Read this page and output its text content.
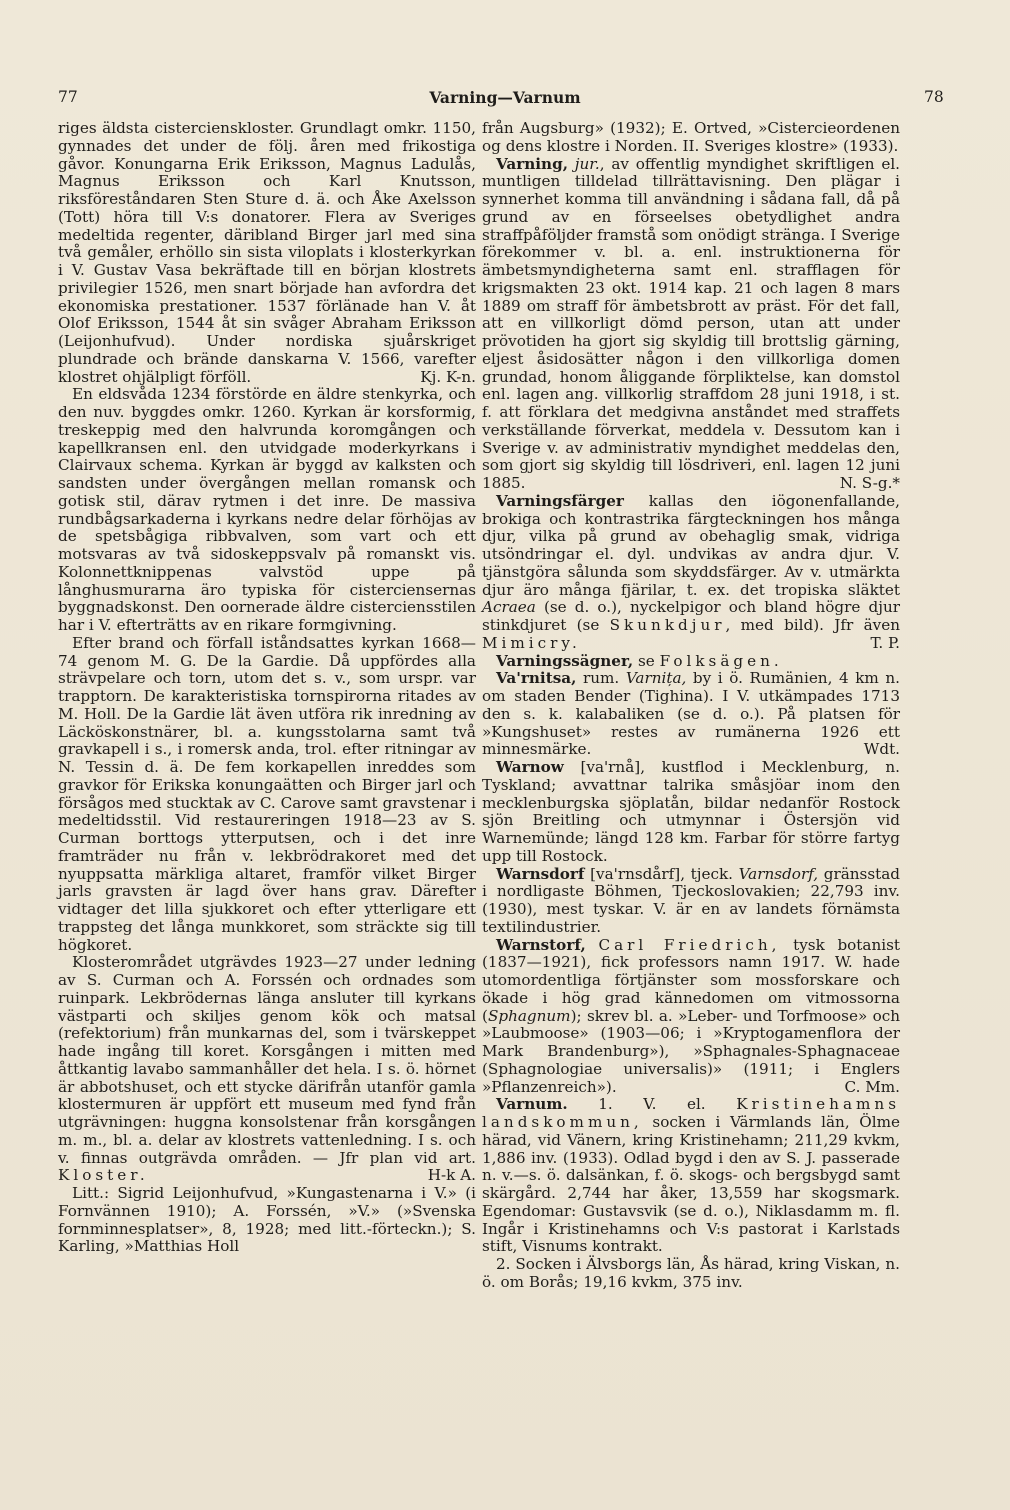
77	Varning—Varnum	78

riges äldsta cistercienskloster. Grundlagt omkr. 1150, gynnades det under de följ. åren med frikostiga gåvor. Konungarna Erik Eriksson, Magnus Ladulås, Magnus Eriksson och Karl Knutsson, riksföreståndaren Sten Sture d. ä. och Åke Axelsson (Tott) höra till V:s donatorer. Flera av Sveriges medeltida regenter, däribland Birger jarl med sina två gemåler, erhöllo sin sista viloplats i klosterkyrkan i V. Gustav Vasa bekräftade till en början klostrets privilegier 1526, men snart började han avfordra det ekonomiska prestationer. 1537 förlänade han V. åt Olof Eriksson, 1544 åt sin svåger Abraham Eriksson (Leijonhufvud). Under nordiska sjuårskriget plundrade och brände danskarna V. 1566, varefter klostret ohjälpligt förföll.	Kj. K-n.

En eldsvåda 1234 förstörde en äldre stenkyrka, och den nuv. byggdes omkr. 1260. Kyrkan är korsformig, treskeppig med den halvrunda koromgången och kapellkransen enl. den utvidgade moderkyrkans i Clairvaux schema. Kyrkan är byggd av kalksten och sandsten under övergången mellan romansk och gotisk stil, därav rytmen i det inre. De massiva rundbågsarkaderna i kyrkans nedre delar förhöjas av de spetsbågiga ribbvalven, som vart och ett motsvaras av två sidoskeppsvalv på romanskt vis. Kolonnettknippenas valvstöd uppe på långhusmurarna äro typiska för cisterciensernas byggnadskonst. Den oornerade äldre cisterciensstilen har i V. efterträtts av en rikare formgivning.

Efter brand och förfall iståndsattes kyrkan 1668—74 genom M. G. De la Gardie. Då uppfördes alla strävpelare och torn, utom det s. v., som urspr. var trapptorn. De karakteristiska tornspirorna ritades av M. Holl. De la Gardie lät även utföra rik inredning av Läcköskonstnärer, bl. a. kungsstolarna samt två gravkapell i s., i romersk anda, trol. efter ritningar av N. Tessin d. ä. De fem korkapellen inreddes som gravkor för Erikska konungaätten och Birger jarl och försågos med stucktak av C. Carove samt gravstenar i medeltidsstil. Vid restaureringen 1918—23 av S. Curman borttogs ytterputsen, och i det inre framträder nu från v. lekbrödrakoret med det nyuppsatta märkliga altaret, framför vilket Birger jarls gravsten är lagd över hans grav. Därefter vidtager det lilla sjukkoret och efter ytterligare ett trappsteg det långa munkkoret, som sträckte sig till högkoret.

Klosterområdet utgrävdes 1923—27 under ledning av S. Curman och A. Forssén och ordnades som ruinpark. Lekbrödernas länga ansluter till kyrkans västparti och skiljes genom kök och matsal (refektorium) från munkarnas del, som i tvärskeppet hade ingång till koret. Korsgången i mitten med åttkantig lavabo sammanhåller det hela. I s. ö. hörnet är abbotshuset, och ett stycke därifrån utanför gamla klostermuren är uppfört ett museum med fynd från utgrävningen: huggna konsolstenar från korsgången m. m., bl. a. delar av klostrets vattenledning. I s. och v. finnas outgrävda områden. — Jfr plan vid art. Kloster.	H-k A.

Litt.: Sigrid Leijonhufvud, »Kungastenarna i V.» (i Fornvännen 1910); A. Forssén, »V.» (»Svenska fornminnesplatser», 8, 1928; med litt.-förteckn.); S. Karling, »Matthias Holl

från Augsburg» (1932); E. Ortved, »Cistercieordenen og dens klostre i Norden. II. Sveriges klostre» (1933).

Varning, jur., av offentlig myndighet skriftligen el. muntligen tilldelad tillrättavisning. Den plägar i synnerhet komma till användning i sådana fall, då på grund av en förseelses obetydlighet andra straffpåföljder framstå som onödigt stränga. I Sverige förekommer v. bl. a. enl. instruktionerna för ämbetsmyndigheterna samt enl. strafflagen för krigsmakten 23 okt. 1914 kap. 21 och lagen 8 mars 1889 om straff för ämbetsbrott av präst. För det fall, att en villkorligt dömd person, utan att under prövotiden ha gjort sig skyldig till brottslig gärning, eljest åsidosätter någon i den villkorliga domen grundad, honom åliggande förpliktelse, kan domstol enl. lagen ang. villkorlig straffdom 28 juni 1918, i st. f. att förklara det medgivna anståndet med straffets verkställande förverkat, meddela v. Dessutom kan i Sverige v. av administrativ myndighet meddelas den, som gjort sig skyldig till lösdriveri, enl. lagen 12 juni 1885.	N. S-g.*

Varningsfärger kallas den iögonenfallande, brokiga och kontrastrika färgteckningen hos många djur, vilka på grund av obehaglig smak, vidriga utsöndringar el. dyl. undvikas av andra djur. V. tjänstgöra sålunda som skyddsfärger. Av v. utmärkta djur äro många fjärilar, t. ex. det tropiska släktet Acraea (se d. o.), nyckelpigor och bland högre djur stinkdjuret (se Skunkdjur, med bild). Jfr även Mimicry.	T. P.

Varningssägner, se Folksägen.

Va'rnitsa, rum. Varnița, by i ö. Rumänien, 4 km n. om staden Bender (Tighina). I V. utkämpades 1713 den s. k. kalabaliken (se d. o.). På platsen för »Kungshuset» restes av rumänerna 1926 ett minnesmärke.	Wdt.

Warnow [va'rnå], kustflod i Mecklenburg, n. Tyskland; avvattnar talrika småsjöar inom den mecklenburgska sjöplatån, bildar nedanför Rostock sjön Breitling och utmynnar i Östersjön vid Warnemünde; längd 128 km. Farbar för större fartyg upp till Rostock.

Warnsdorf [va'rnsdårf], tjeck. Varnsdorf, gränsstad i nordligaste Böhmen, Tjeckoslovakien; 22,793 inv. (1930), mest tyskar. V. är en av landets förnämsta textilindustrier.

Warnstorf, Carl Friedrich, tysk botanist (1837—1921), fick professors namn 1917. W. hade utomordentliga förtjänster som mossforskare och ökade i hög grad kännedomen om vitmossorna (Sphagnum); skrev bl. a. »Leber- und Torfmoose» och »Laubmoose» (1903—06; i »Kryptogamenflora der Mark Brandenburg»), »Sphagnales-Sphagnaceae (Sphagnologiae universalis)» (1911; i Englers »Pflanzenreich»).	C. Mm.

Varnum. 1. V. el. Kristinehamns landskommun, socken i Värmlands län, Ölme härad, vid Vänern, kring Kristinehamn; 211,29 kvkm, 1,886 inv. (1933). Odlad bygd i den av S. J. passerade n. v.—s. ö. dalsänkan, f. ö. skogs- och bergsbygd samt skärgård. 2,744 har åker, 13,559 har skogsmark. Egendomar: Gustavsvik (se d. o.), Niklasdamm m. fl. Ingår i Kristinehamns och V:s pastorat i Karlstads stift, Visnums kontrakt.

2. Socken i Älvsborgs län, Ås härad, kring Viskan, n. ö. om Borås; 19,16 kvkm, 375 inv.
